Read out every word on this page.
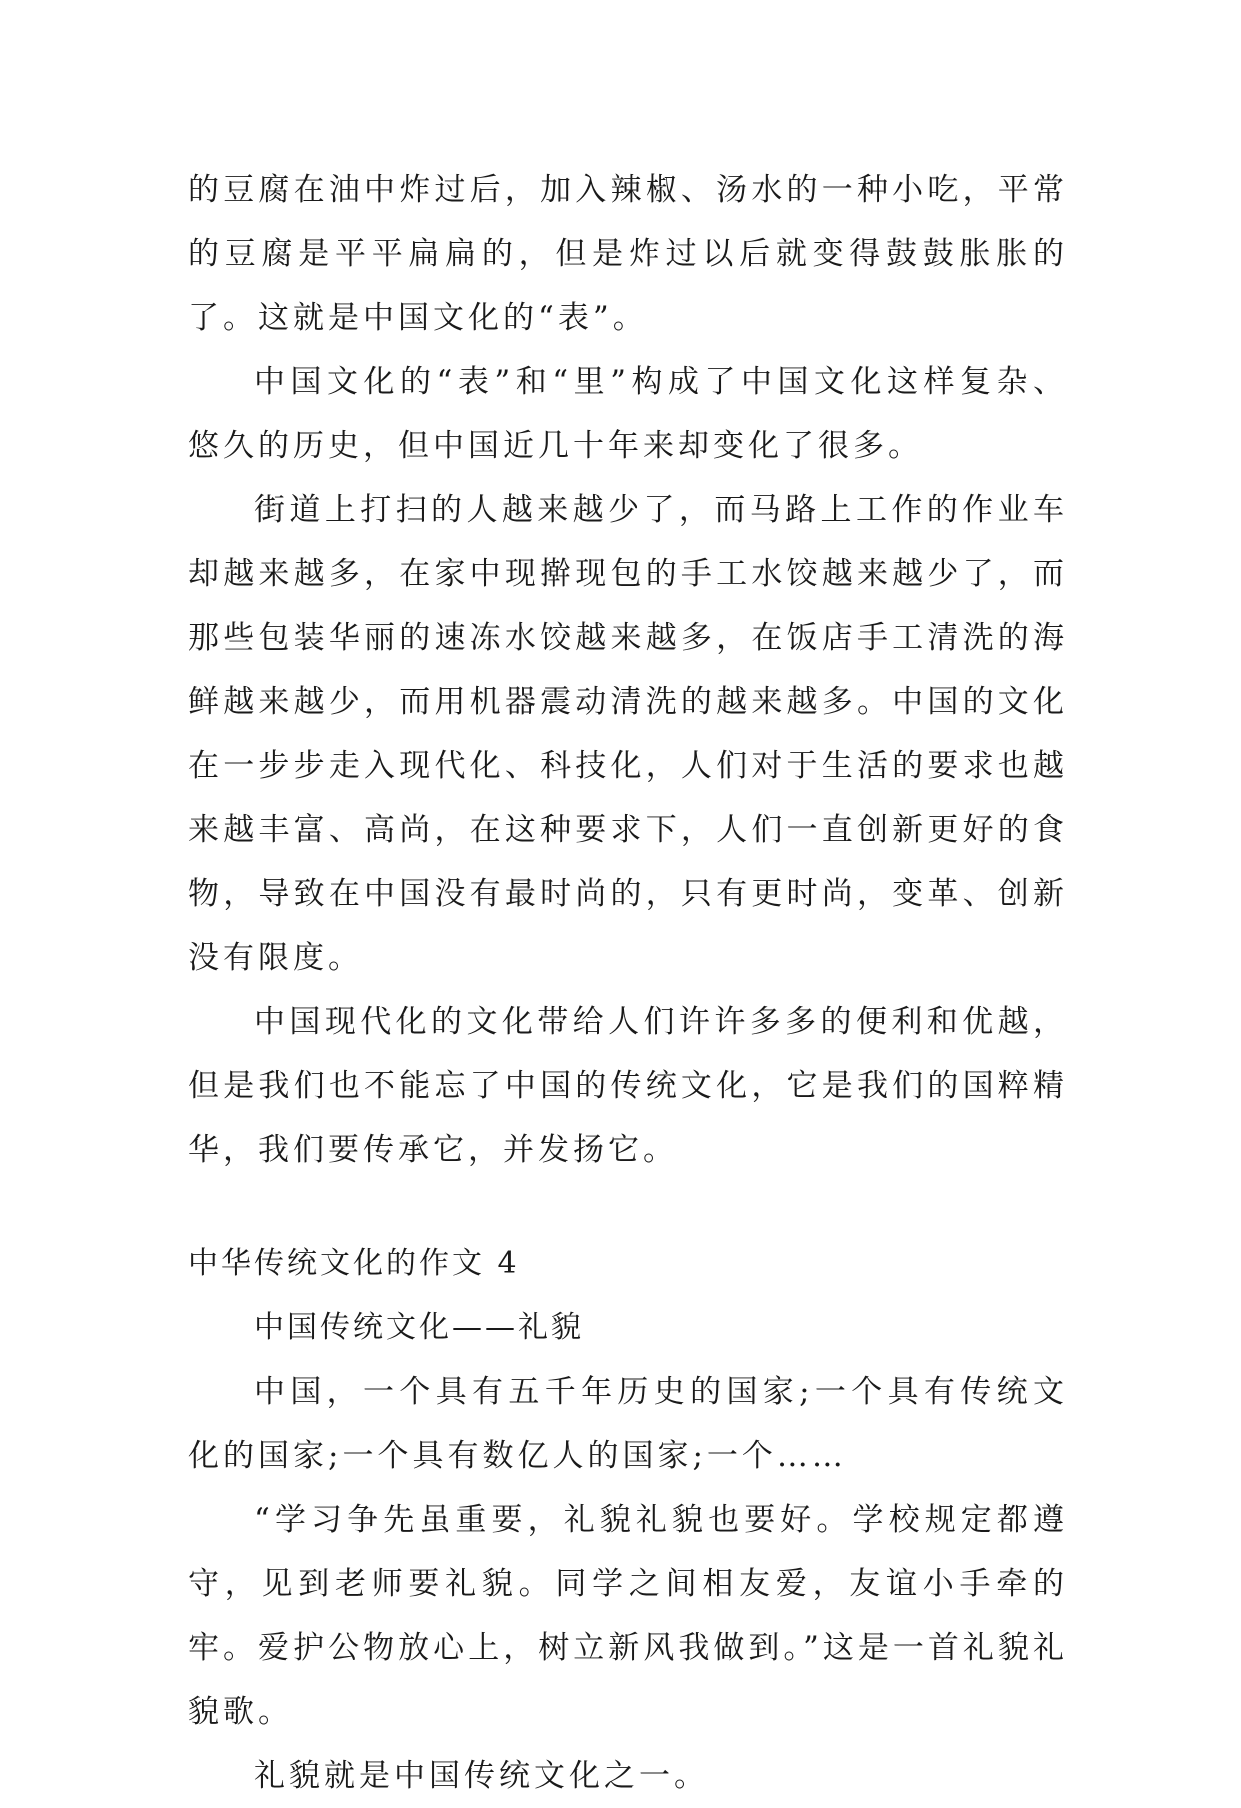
的豆腐在油中炸过后，加入辣椒、汤水的一种小吃，平常的豆腐是平平扁扁的，但是炸过以后就变得鼓鼓胀胀的了。这就是中国文化的“表”。

中国文化的“表”和“里”构成了中国文化这样复杂、悠久的历史，但中国近几十年来却变化了很多。

街道上打扫的人越来越少了，而马路上工作的作业车却越来越多，在家中现擀现包的手工水饺越来越少了，而那些包装华丽的速冻水饺越来越多，在饭店手工清洗的海鲜越来越少，而用机器震动清洗的越来越多。中国的文化在一步步走入现代化、科技化，人们对于生活的要求也越来越丰富、高尚，在这种要求下，人们一直创新更好的食物，导致在中国没有最时尚的，只有更时尚，变革、创新没有限度。

中国现代化的文化带给人们许许多多的便利和优越，但是我们也不能忘了中国的传统文化，它是我们的国粹精华，我们要传承它，并发扬它。

中华传统文化的作文 4

中国传统文化——礼貌

中国，一个具有五千年历史的国家;一个具有传统文化的国家;一个具有数亿人的国家;一个……

“学习争先虽重要，礼貌礼貌也要好。学校规定都遵守，见到老师要礼貌。同学之间相友爱，友谊小手牵的牢。爱护公物放心上，树立新风我做到。”这是一首礼貌礼貌歌。

礼貌就是中国传统文化之一。
